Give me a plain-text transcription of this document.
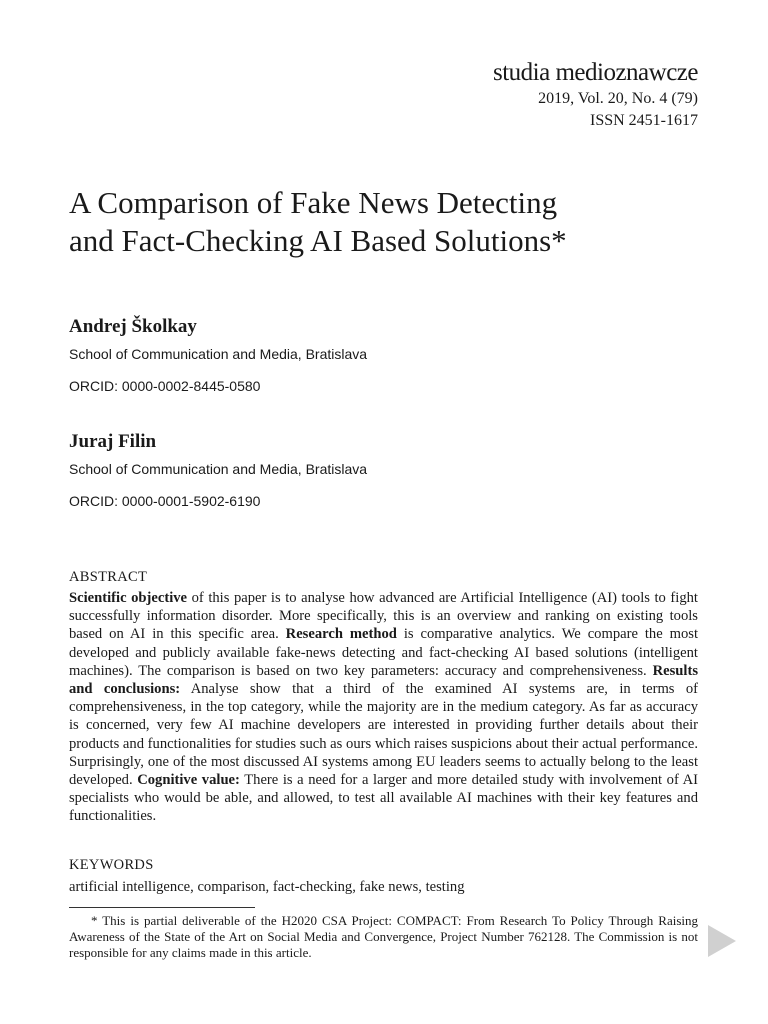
studia medioznawcze
2019, Vol. 20, No. 4 (79)
ISSN 2451-1617
A Comparison of Fake News Detecting
and Fact-Checking AI Based Solutions*
Andrej Školkay
School of Communication and Media, Bratislava
ORCID: 0000-0002-8445-0580
Juraj Filin
School of Communication and Media, Bratislava
ORCID: 0000-0001-5902-6190
ABSTRACT
Scientific objective of this paper is to analyse how advanced are Artificial Intelligence (AI) tools to fight successfully information disorder. More specifically, this is an overview and ranking on existing tools based on AI in this specific area. Research method is comparative analytics. We compare the most developed and publicly available fake-news detecting and fact-checking AI based solutions (intelligent machines). The comparison is based on two key parameters: accuracy and comprehensiveness. Results and conclusions: Analyse show that a third of the examined AI systems are, in terms of comprehensiveness, in the top category, while the majority are in the medium category. As far as accuracy is concerned, very few AI machine developers are interested in providing further details about their products and functionalities for studies such as ours which raises suspicions about their actual performance. Surprisingly, one of the most discussed AI systems among EU leaders seems to actually belong to the least developed. Cognitive value: There is a need for a larger and more detailed study with involvement of AI specialists who would be able, and allowed, to test all available AI machines with their key features and functionalities.
KEYWORDS
artificial intelligence, comparison, fact-checking, fake news, testing
* This is partial deliverable of the H2020 CSA Project: COMPACT: From Research To Policy Through Raising Awareness of the State of the Art on Social Media and Convergence, Project Number 762128. The Commission is not responsible for any claims made in this article.
